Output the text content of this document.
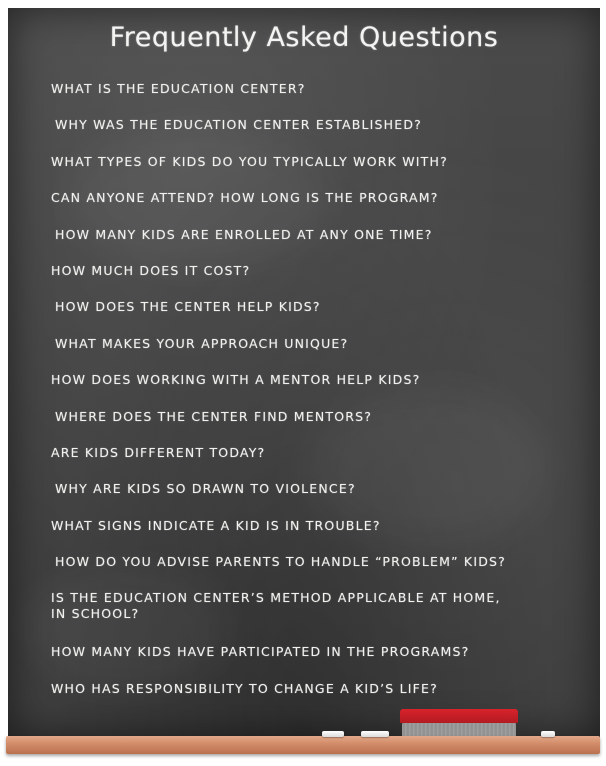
Frequently Asked Questions
WHAT IS THE EDUCATION CENTER?
WHY WAS THE EDUCATION CENTER ESTABLISHED?
WHAT TYPES OF KIDS DO YOU TYPICALLY WORK WITH?
CAN ANYONE ATTEND? HOW LONG IS THE PROGRAM?
HOW MANY KIDS ARE ENROLLED AT ANY ONE TIME?
HOW MUCH DOES IT COST?
HOW DOES THE CENTER HELP KIDS?
WHAT MAKES YOUR APPROACH UNIQUE?
HOW DOES WORKING WITH A MENTOR HELP KIDS?
WHERE DOES THE CENTER FIND MENTORS?
ARE KIDS DIFFERENT TODAY?
WHY ARE KIDS SO DRAWN TO VIOLENCE?
WHAT SIGNS INDICATE A KID IS IN TROUBLE?
HOW DO YOU ADVISE PARENTS TO HANDLE “PROBLEM” KIDS?
IS THE EDUCATION CENTER’S METHOD APPLICABLE AT HOME, IN SCHOOL?
HOW MANY KIDS HAVE PARTICIPATED IN THE PROGRAMS?
WHO HAS RESPONSIBILITY TO CHANGE A KID’S LIFE?
